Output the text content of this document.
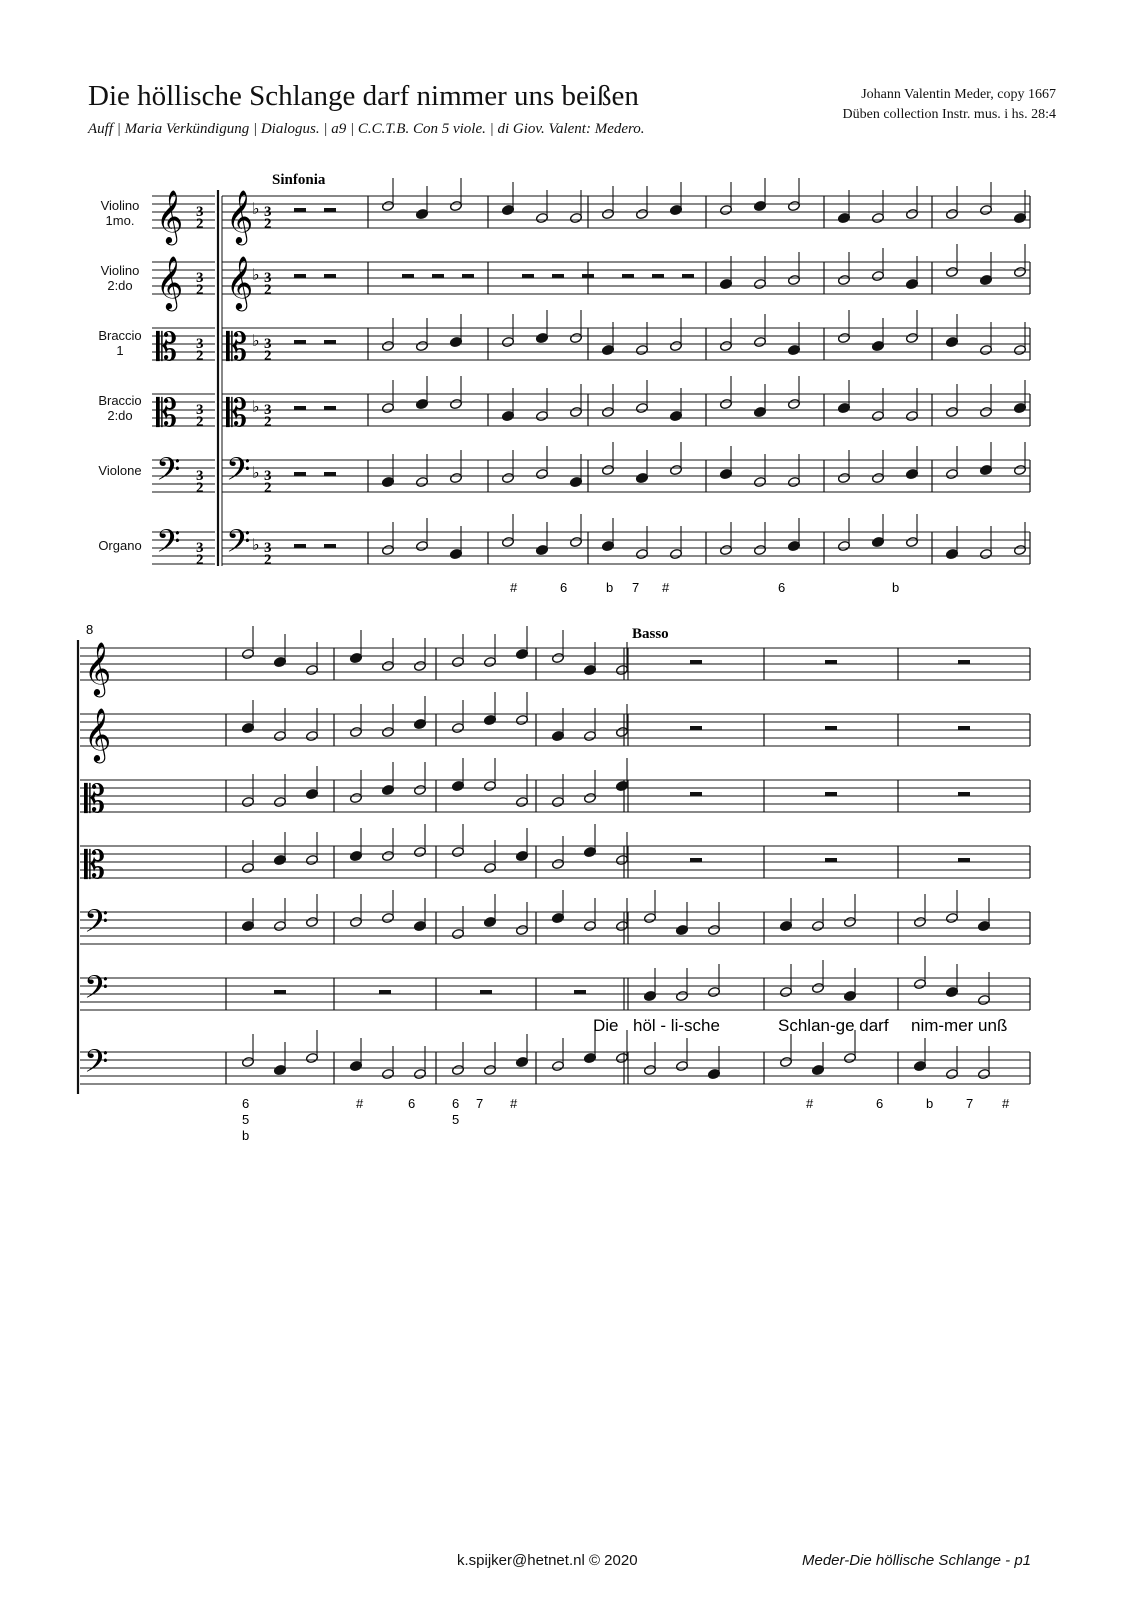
Die höllische Schlange darf nimmer uns beißen
Auff | Maria Verkündigung | Dialogus. | a9 | C.C.T.B. Con 5 viole. | di Giov. Valent: Medero.
Johann Valentin Meder, copy 1667
Düben collection Instr. mus. i hs. 28:4
Violino
1mo.
Violino
2:do
Braccio
1
Braccio
2:do
Violone
Organo
Sinfonia
Basso
8
Die höl - li-sche	Schlan-ge darf nim-mer unß
𝄞 𝄞
3
2
3
2
♭
𝄞 𝄞
3
2
3
2
♭
𝄡 𝄡
3
2
3
2
♭
𝄡 𝄡
3
2
3
2
♭
𝄢 𝄢
3
2
3
2
♭
𝄢 𝄢
3
2
3
2
♭
𝄞
𝄞
𝄡
𝄡
𝄢
𝄢
𝄢
#	6	b 7 #	6	b
6
5
b
#	6	6
5
7 #	#	6	b	7 #
k.spijker@hetnet.nl © 2020	Meder-Die höllische Schlange - p1
